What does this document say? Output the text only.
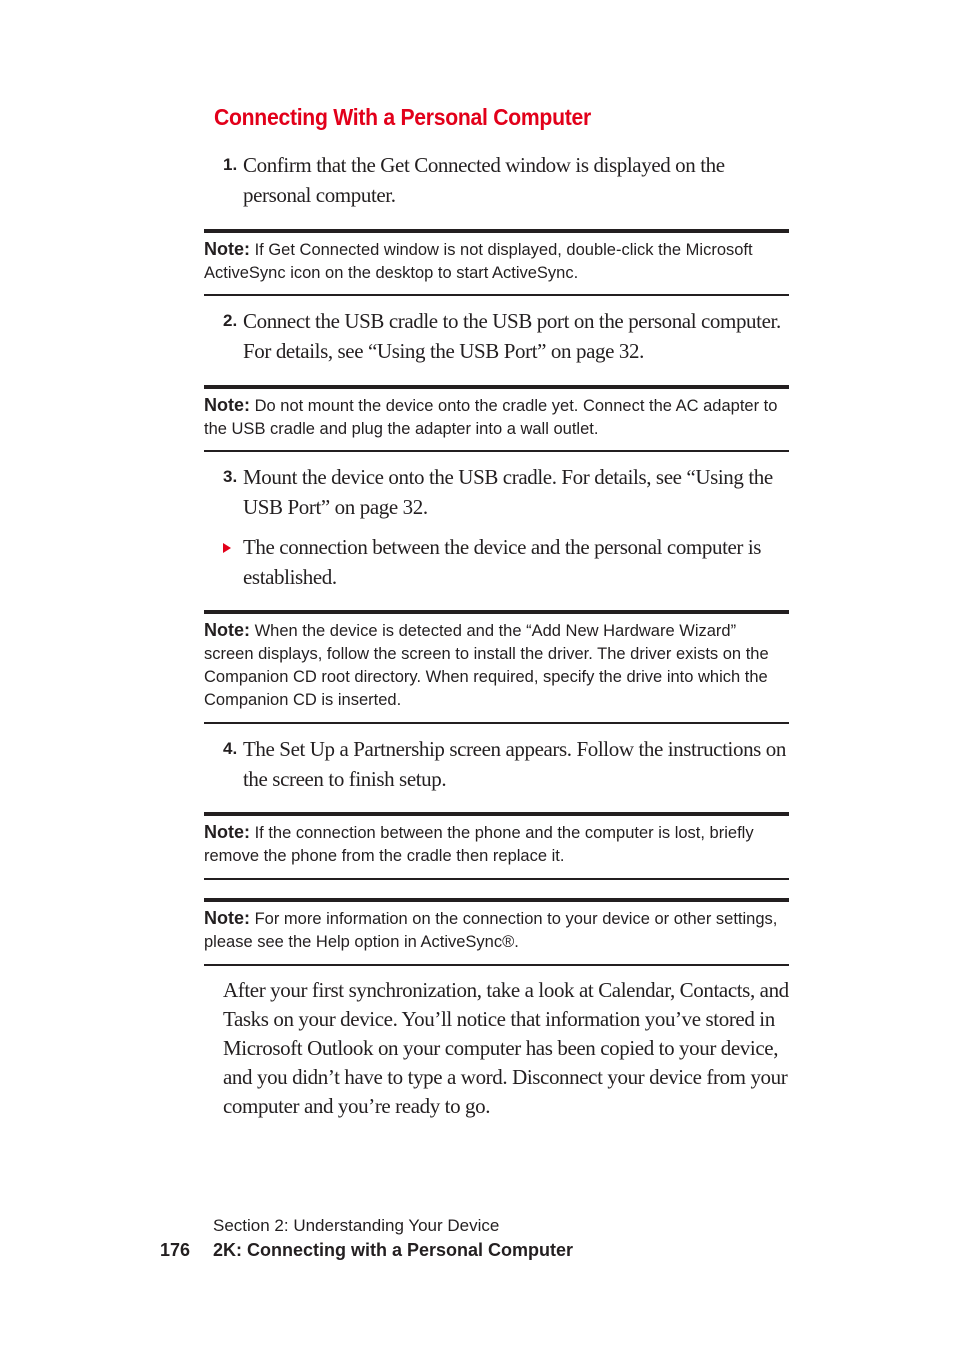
Connecting With a Personal Computer
1. Confirm that the Get Connected window is displayed on the personal computer.
Note: If Get Connected window is not displayed, double-click the Microsoft ActiveSync icon on the desktop to start ActiveSync.
2. Connect the USB cradle to the USB port on the personal computer. For details, see “Using the USB Port” on page 32.
Note: Do not mount the device onto the cradle yet. Connect the AC adapter to the USB cradle and plug the adapter into a wall outlet.
3. Mount the device onto the USB cradle. For details, see “Using the USB Port” on page 32.
The connection between the device and the personal computer is established.
Note: When the device is detected and the “Add New Hardware Wizard” screen displays, follow the screen to install the driver. The driver exists on the Companion CD root directory. When required, specify the drive into which the Companion CD is inserted.
4. The Set Up a Partnership screen appears. Follow the instructions on the screen to finish setup.
Note: If the connection between the phone and the computer is lost, briefly remove the phone from the cradle then replace it.
Note: For more information on the connection to your device or other settings, please see the Help option in ActiveSync®.
After your first synchronization, take a look at Calendar, Contacts, and Tasks on your device. You’ll notice that information you’ve stored in Microsoft Outlook on your computer has been copied to your device, and you didn’t have to type a word. Disconnect your device from your computer and you’re ready to go.
Section 2: Understanding Your Device
176 2K: Connecting with a Personal Computer
